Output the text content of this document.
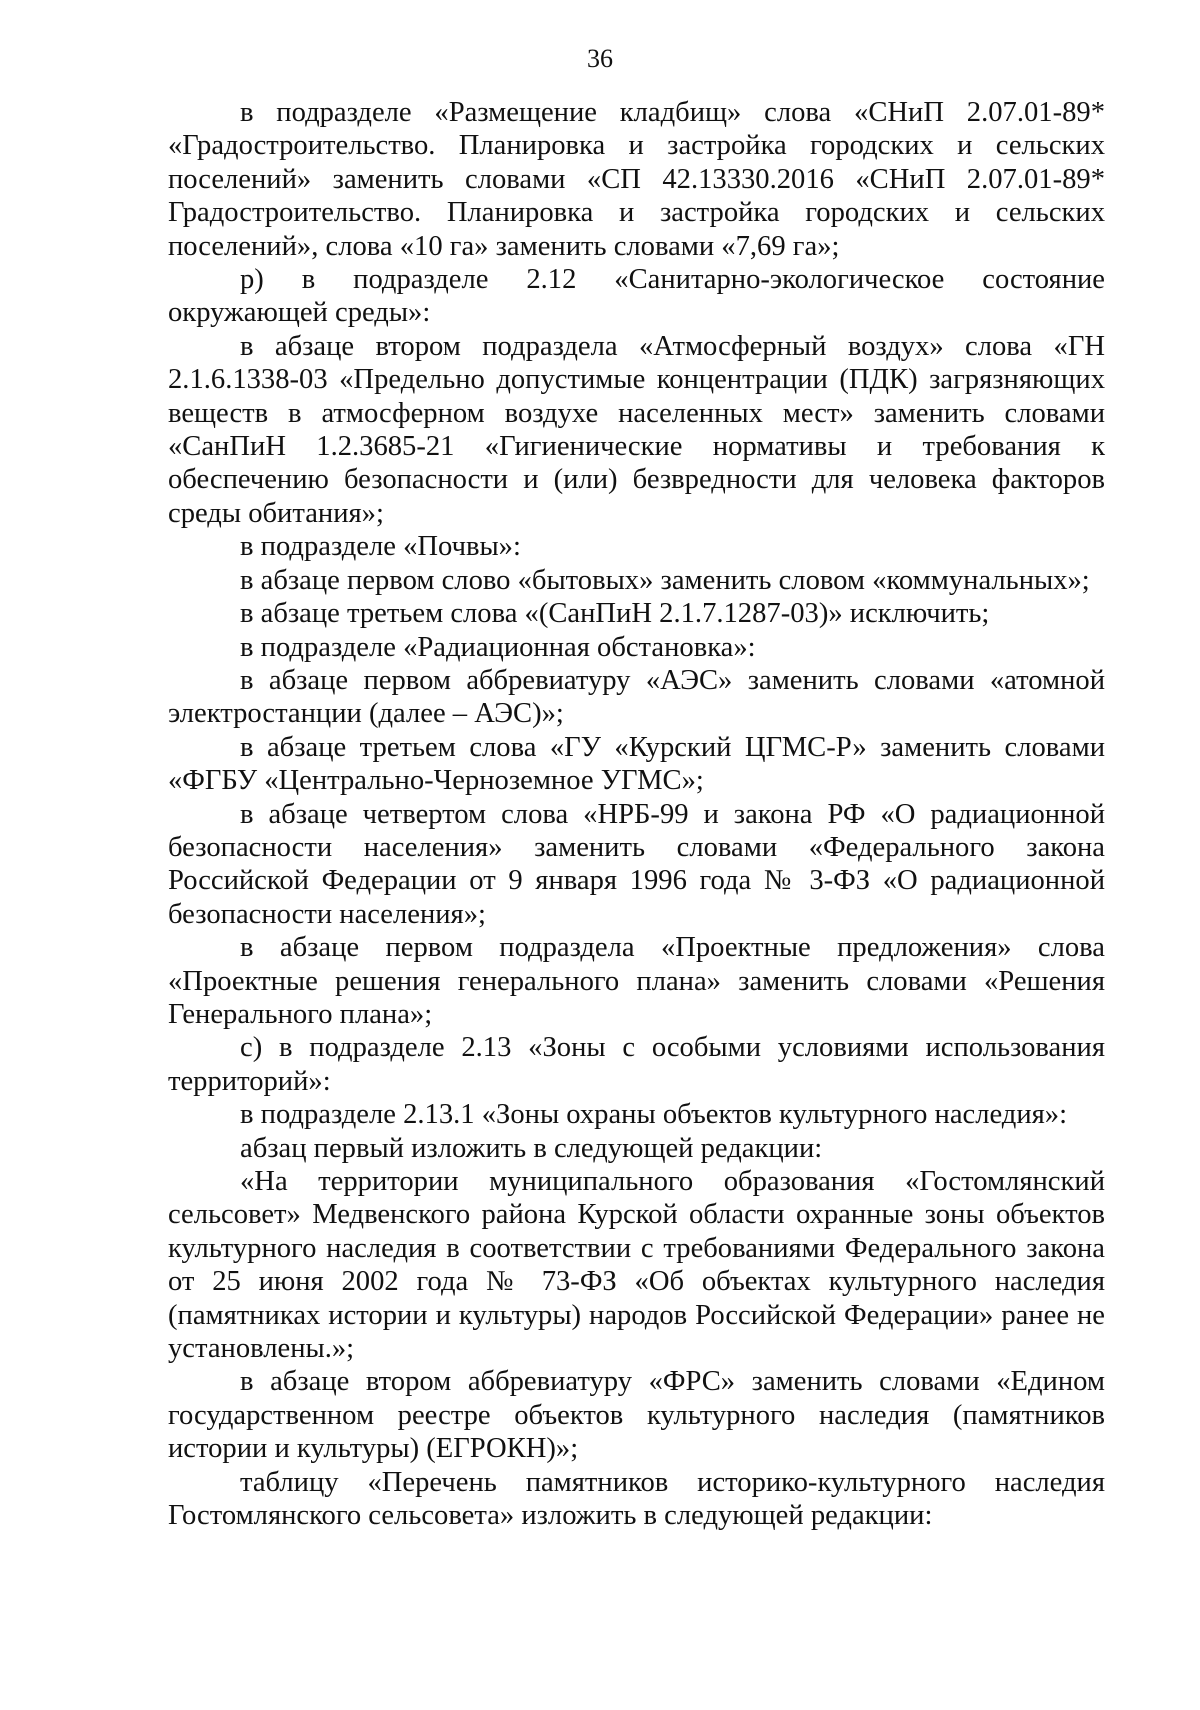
36

в подразделе «Размещение кладбищ» слова «СНиП 2.07.01-89* «Градостроительство. Планировка и застройка городских и сельских поселений» заменить словами «СП 42.13330.2016 «СНиП 2.07.01-89* Градостроительство. Планировка и застройка городских и сельских поселений», слова «10 га» заменить словами «7,69 га»;

р) в подразделе 2.12 «Санитарно-экологическое состояние окружающей среды»:

в абзаце втором подраздела «Атмосферный воздух» слова «ГН 2.1.6.1338-03 «Предельно допустимые концентрации (ПДК) загрязняющих веществ в атмосферном воздухе населенных мест» заменить словами «СанПиН 1.2.3685-21 «Гигиенические нормативы и требования к обеспечению безопасности и (или) безвредности для человека факторов среды обитания»;

в подразделе «Почвы»:

в абзаце первом слово «бытовых» заменить словом «коммунальных»;

в абзаце третьем слова «(СанПиН 2.1.7.1287-03)» исключить;

в подразделе «Радиационная обстановка»:

в абзаце первом аббревиатуру «АЭС» заменить словами «атомной электростанции (далее – АЭС)»;

в абзаце третьем слова «ГУ «Курский ЦГМС-Р» заменить словами «ФГБУ «Центрально-Черноземное УГМС»;

в абзаце четвертом слова «НРБ-99 и закона РФ «О радиационной безопасности населения» заменить словами «Федерального закона Российской Федерации от 9 января 1996 года № 3-ФЗ «О радиационной безопасности населения»;

в абзаце первом подраздела «Проектные предложения» слова «Проектные решения генерального плана» заменить словами «Решения Генерального плана»;

с) в подразделе 2.13 «Зоны с особыми условиями использования территорий»:

в подразделе 2.13.1 «Зоны охраны объектов культурного наследия»:

абзац первый изложить в следующей редакции:

«На территории муниципального образования «Гостомлянский сельсовет» Медвенского района Курской области охранные зоны объектов культурного наследия в соответствии с требованиями Федерального закона от 25 июня 2002 года № 73-ФЗ «Об объектах культурного наследия (памятниках истории и культуры) народов Российской Федерации» ранее не установлены.»;

в абзаце втором аббревиатуру «ФРС» заменить словами «Едином государственном реестре объектов культурного наследия (памятников истории и культуры) (ЕГРОКН)»;

таблицу «Перечень памятников историко-культурного наследия Гостомлянского сельсовета» изложить в следующей редакции:
